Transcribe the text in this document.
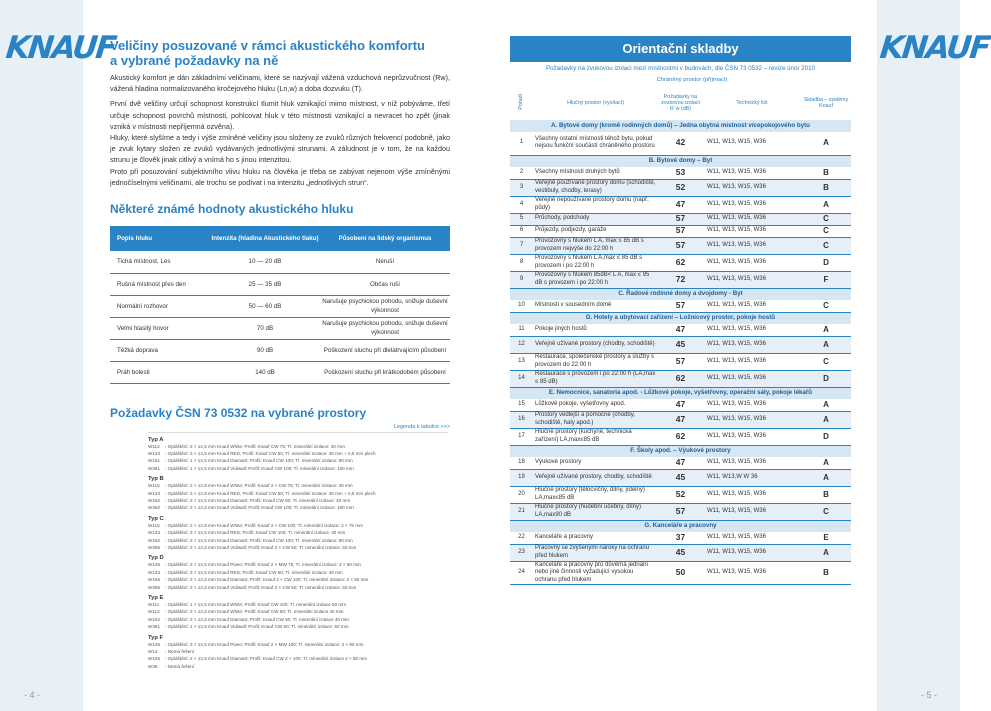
KNAUF	KNAUF
- 4 -	- 5 -
Veličiny posuzované v rámci akustického komfortu
a vybrané požadavky na ně

Akustický komfort je dán základními veličinami, které se nazývají vážená vzduchová neprůzvučnost (Rw), vážená hladina normalizovaného kročejového hluku (Ln,w) a doba dozvuku (T).

První dvě veličiny určují schopnost konstrukcí tlumit hluk vznikající mimo místnost, v níž pobýváme, třetí určuje schopnost povrchů místnosti, pohlcovat hluk v této místnosti vznikající a nevracet ho zpět (jinak vzniká v místnosti nepříjemná ozvěna).

Hluky, které slyšíme a tedy i výše zmíněné veličiny jsou složeny ze zvuků různých frekvencí podobně, jako je zvuk kytary složen ze zvuků vydávaných jednotlivými strunami. A záludnost je v tom, že na každou strunu je člověk jinak citlivý a vnímá ho s jinou intenzitou.

Proto při posuzování subjektivního vlivu hluku na člověka je třeba se zabývat nejenom výše zmíněnými jednočíselnými veličinami, ale trochu se podívat i na intenzitu „jednotlivých strun“.

Některé známé hodnoty akustického hluku
Popis hluku	Intenzita (hladina Akustického tlaku)	Působení na lidský organismus
Tichá místnost, Les	10 — 20 dB	Neruší
Rušná místnost přes den	25 — 35 dB	Občas ruší
Normální rozhovor	50 — 60 dB	Narušuje psychickou pohodu, snižuje duševní výkonnost
Velmi hlasitý hovor	70 dB	Narušuje psychickou pohodu, snižuje duševní výkonnost
Těžká doprava	90 dB	Poškození sluchu při dlelatrvajícím působení
Práh bolesti	140 dB	Poškození sluchu při krátkodobém působení
Požadavky ČSN 73 0532 na vybrané prostory
Legenda k tabulce >>>
Typ A
W112	- Opláštění: 2 × 12,5 mm Knauf White; Profil: Knauf CW 75; Tl. minerální izolace: 40 mm
W133	- Opláštění: 3 × 12,5 mm Knauf RED; Profil: Knauf CW 50; Tl. minerální izolace: 40 mm + 0,5 mm plech
W151	- Opláštění: 1 × 12,5 mm Knauf Diamant; Profil: Knauf CW 100; Tl. minerální izolace: 80 mm
W361	- Opláštění: 1 × 12,5 mm Knauf Vidiwall; Profil: Knauf CW 100; Tl. minerální izolace: 100 mm
Typ B
W115	- Opláštění: 2 × 12,5 mm Knauf White; Profil: Knauf 2 × CW 75; Tl. minerální izolace: 40 mm
W133	- Opláštění: 3 × 12,5 mm Knauf RED; Profil: Knauf CW 50; Tl. minerální izolace: 40 mm + 0,5 mm plech
W152	- Opláštění: 2 × 12,5 mm Knauf Diamant; Profil: Knauf CW 50; Tl. minerální izolace: 40 mm
W362	- Opláštění: 2 × 12,5 mm Knauf Vidiwall; Profil: Knauf CW 100; Tl. minerální izolace: 100 mm
Typ C
W115	- Opláštění: 2 × 12,5 mm Knauf White; Profil: Knauf 2 × CW 100; Tl. minerální izolace: 2 × 75 mm
W133	- Opláštění: 3 × 12,5 mm Knauf RED; Profil: Knauf CW 100; Tl. minerální izolace: 40 mm
W152	- Opláštění: 2 × 12,5 mm Knauf Diamant; Profil: Knauf CW 100; Tl. minerální izolace: 80 mm
W365	- Opláštění: 2 × 12,5 mm Knauf Vidiwall; Profil: Knauf 2 × CW 50; Tl. minerální izolace: 50 mm
Typ D
W145	- Opláštění: 2 × 12,5 mm Knauf Piano; Profil: Knauf 2 × MW 75; Tl. minerální izolace: 2 × 50 mm
W133	- Opláštění: 3 × 12,5 mm Knauf RED; Profil: Knauf CW 50; Tl. minerální izolace: 40 mm
W155	- Opláštění: 2 × 12,5 mm Knauf Diamant; Profil: Knauf 2 × CW 100; Tl. minerální izolace: 2 × 50 mm
W365	- Opláštění: 2 × 12,5 mm Knauf Vidiwall; Profil: Knauf 2 × CW 50; Tl. minerální izolace: 50 mm
Typ E
W111	- Opláštění: 1 × 12,5 mm Knauf White; Profil: Knauf CW 100; Tl. minerální izolace 50 mm
W112	- Opláštění: 2 × 12,5 mm Knauf White; Profil: Knauf CW 50; Tl. minerální izolace 40 mm
W152	- Opláštění: 2 × 12,5 mm Knauf Diamant; Profil: Knauf CW 50; Tl. minerální izolace 40 mm
W361	- Opláštění: 1 × 12,5 mm Knauf Vidiwall; Profil: Knauf CW 50; Tl. minerální izolace: 50 mm
Typ F
W145	- Opláštění: 3 × 12,5 mm Knauf Piano; Profil: Knauf 2 × MW 100; Tl. minerální izolace: 2 × 80 mm
W13	- Nemá řešení
W155	- Opláštění: 2 × 12,5 mm Knauf Diamant; Profil: Knauf CW 2 × 100; Tl. minerální izolace 2 × 80 mm
W36	- Nemá řešení
Orientační skladby
Požadavky na zvukovou izolaci mezi místnostmi v budovách, dle ČSN 73 0532 – revize únor 2010
	Chráněný prostor (příjmací)			
Pořadí	Hlučný prostor (vysílací)	Požadavky na zvukovou izolaci R´w (dB)	Technický list	Skladba – systémy Knauf
A. Bytové domy (kromě rodinných domů) – Jedna obytná místnost vícepokojového bytu				
1	Všechny ostatní místnosti téhož bytu, pokud nejsou funkční součástí chráněného prostoru	42	W11, W13, W15, W36	A
B. Bytové domy – Byt				
2	Všechny místnosti druhých bytů	53	W11, W13, W15, W36	B
3	Veřejně používané prostory domu (schodiště, vestibuly, chodby, terasy)	52	W11, W13, W15, W36	B
4	Veřejně nepoužívané prostory domu (např. půdy)	47	W11, W13, W15, W36	A
5	Průchody, podchody	57	W11, W13, W15, W36	C
6	Průjezdy, podjezdy, garáže	57	W11, W13, W15, W36	C
7	Provozovny s hlukem L A, max ≤ 85 dB s provozem nejvýše do 22:00 h	57	W11, W13, W15, W36	C
8	Provozovny s hlukem L A,max ≤ 85 dB s provozem i po 22:00 h	62	W11, W13, W15, W36	D
9	Provozovny s hlukem 85dB< L A, max ≤ 95 dB s provozem i po 22:00 h	72	W11, W13, W15, W36	F
C. Řadové rodinné domy a dvojdomy - Byt				
10	Místnosti v sousedním domě	57	W11, W13, W15, W36	C
D. Hotely a ubytovací zařízení – Ložnicový prostor, pokoje hostů				
11	Pokoje jiných hostů	47	W11, W13, W15, W36	A
12	Veřejně užívané prostory (chodby, schodiště)	45	W11, W13, W15, W36	A
13	Restaurace, společenské prostory a služby s provozem do 22:00 h	57	W11, W13, W15, W36	C
14	Restaurace s provozem i po 22:00 h (LA,max ≤ 85 dB)	62	W11, W13, W15, W36	D
E. Nemocnice, sanatoria apod. - Lůžkové pokoje, vyšetřovny, operační sály, pokoje lékařů				
15	Lůžkové pokoje, vyšetřovny apod.	47	W11, W13, W15, W36	A
16	Prostory vedlejší a pomocné (chodby, schodiště, haly apod.)	47	W11, W13, W15, W36	A
17	Hlučné prostory (kuchyně, technická zařízení) LA,max≤85 dB	62	W11, W13, W15, W36	D
F. Školy apod. – Výukové prostory				
18	Výukové prostory	47	W11, W13, W15, W36	A
19	Veřejně užívané prostory, chodby, schodiště	45	W11, W13,W W 36	A
20	Hlučné prostory (tělocvičny, dílny, jídelny) LA,max≤85 dB	52	W11, W13, W15, W36	B
21	Hlučné prostory (hudební učebny, dílny) LA,max90 dB	57	W11, W13, W15, W36	C
G. Kanceláře a pracovny				
22	Kanceláře a pracovny	37	W11, W13, W15, W36	E
23	Pracovny se zvýšenými nároky na ochranu před hlukem	45	W11, W13, W15, W36	A
24	Kanceláře a pracovny pro důvěrná jednání nebo jiné činnosti vyžadující vysokou ochranu před hlukem	50	W11, W13, W15, W36	B
